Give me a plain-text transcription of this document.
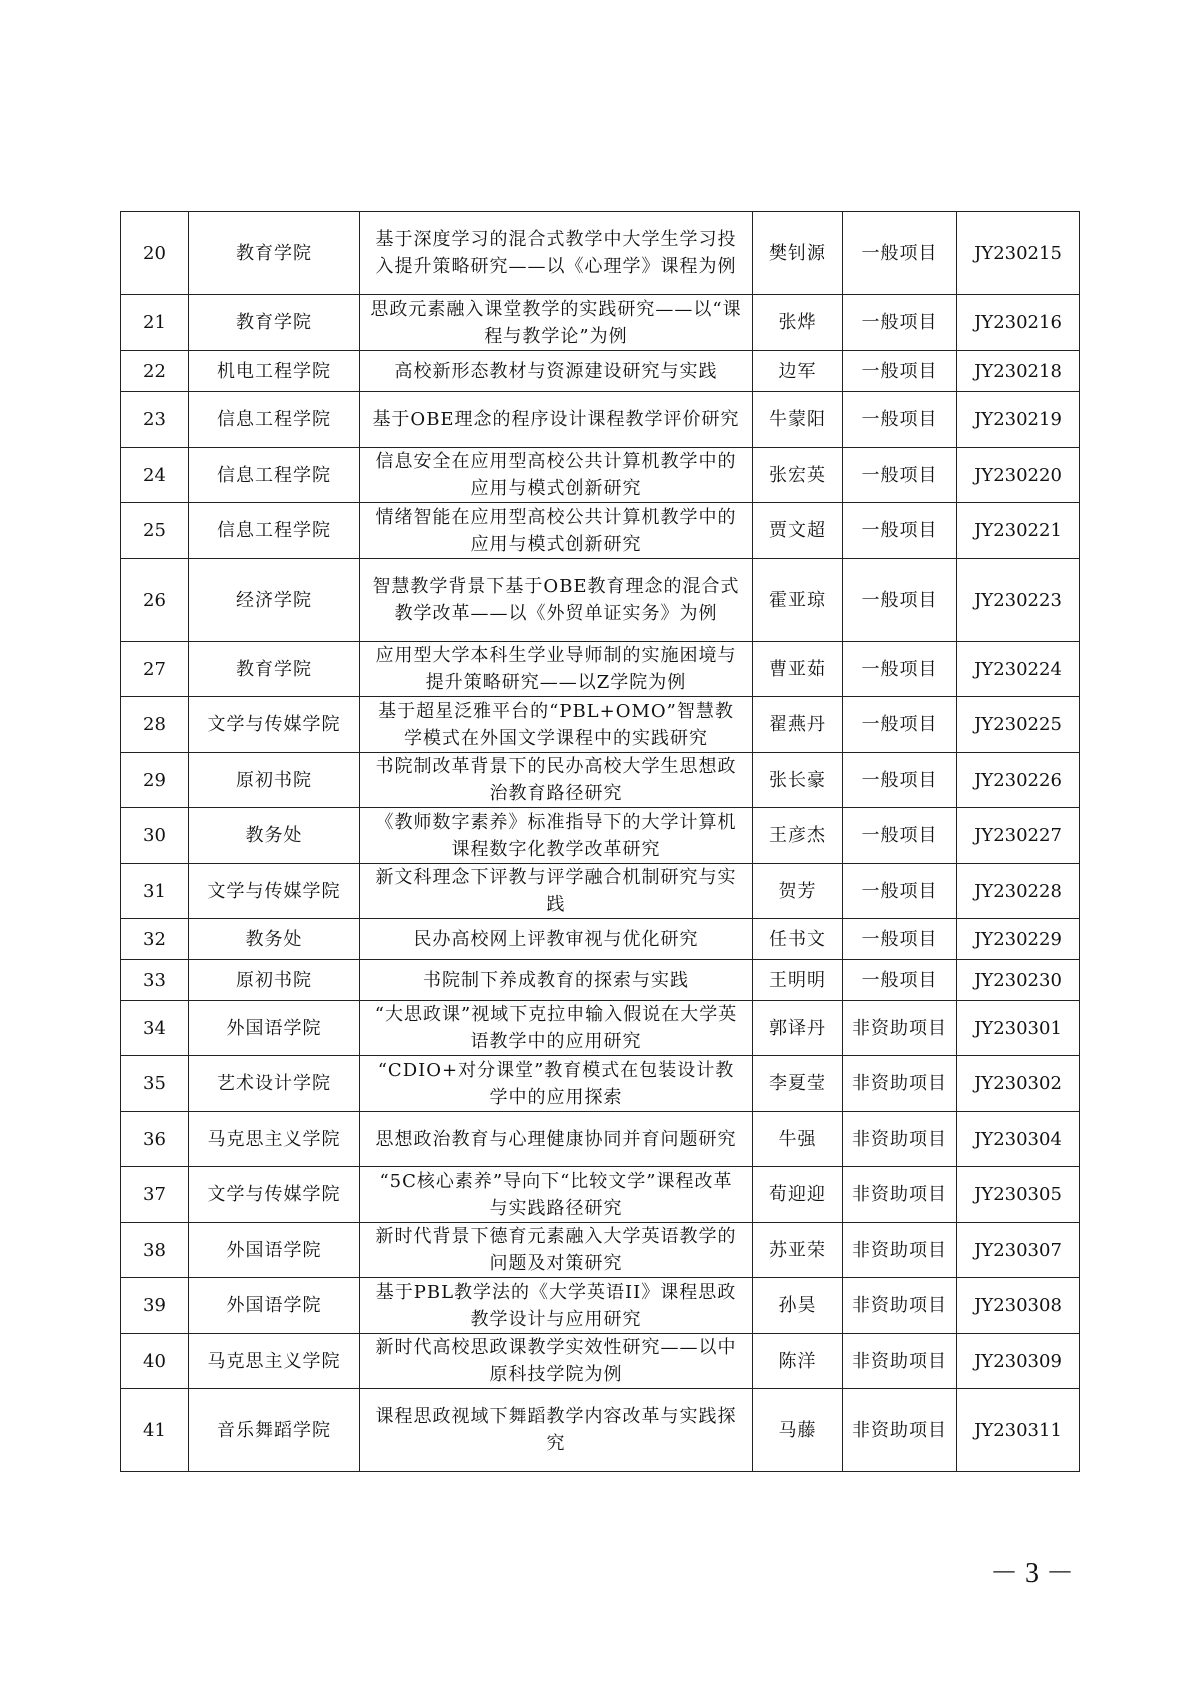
20	教育学院	基于深度学习的混合式教学中大学生学习投入提升策略研究——以《心理学》课程为例	樊钊源	一般项目	JY230215
21	教育学院	思政元素融入课堂教学的实践研究——以“课程与教学论”为例	张烨	一般项目	JY230216
22	机电工程学院	高校新形态教材与资源建设研究与实践	边军	一般项目	JY230218
23	信息工程学院	基于OBE理念的程序设计课程教学评价研究	牛蒙阳	一般项目	JY230219
24	信息工程学院	信息安全在应用型高校公共计算机教学中的应用与模式创新研究	张宏英	一般项目	JY230220
25	信息工程学院	情绪智能在应用型高校公共计算机教学中的应用与模式创新研究	贾文超	一般项目	JY230221
26	经济学院	智慧教学背景下基于OBE教育理念的混合式教学改革——以《外贸单证实务》为例	霍亚琼	一般项目	JY230223
27	教育学院	应用型大学本科生学业导师制的实施困境与提升策略研究——以Z学院为例	曹亚茹	一般项目	JY230224
28	文学与传媒学院	基于超星泛雅平台的“PBL+OMO”智慧教学模式在外国文学课程中的实践研究	翟燕丹	一般项目	JY230225
29	原初书院	书院制改革背景下的民办高校大学生思想政治教育路径研究	张长豪	一般项目	JY230226
30	教务处	《教师数字素养》标准指导下的大学计算机课程数字化教学改革研究	王彦杰	一般项目	JY230227
31	文学与传媒学院	新文科理念下评教与评学融合机制研究与实践	贺芳	一般项目	JY230228
32	教务处	民办高校网上评教审视与优化研究	任书文	一般项目	JY230229
33	原初书院	书院制下养成教育的探索与实践	王明明	一般项目	JY230230
34	外国语学院	“大思政课”视域下克拉申输入假说在大学英语教学中的应用研究	郭译丹	非资助项目	JY230301
35	艺术设计学院	“CDIO+对分课堂”教育模式在包装设计教学中的应用探索	李夏莹	非资助项目	JY230302
36	马克思主义学院	思想政治教育与心理健康协同并育问题研究	牛强	非资助项目	JY230304
37	文学与传媒学院	“5C核心素养”导向下“比较文学”课程改革与实践路径研究	荀迎迎	非资助项目	JY230305
38	外国语学院	新时代背景下德育元素融入大学英语教学的问题及对策研究	苏亚荣	非资助项目	JY230307
39	外国语学院	基于PBL教学法的《大学英语II》课程思政教学设计与应用研究	孙昊	非资助项目	JY230308
40	马克思主义学院	新时代高校思政课教学实效性研究——以中原科技学院为例	陈洋	非资助项目	JY230309
41	音乐舞蹈学院	课程思政视域下舞蹈教学内容改革与实践探究	马藤	非资助项目	JY230311
－ 3 －
